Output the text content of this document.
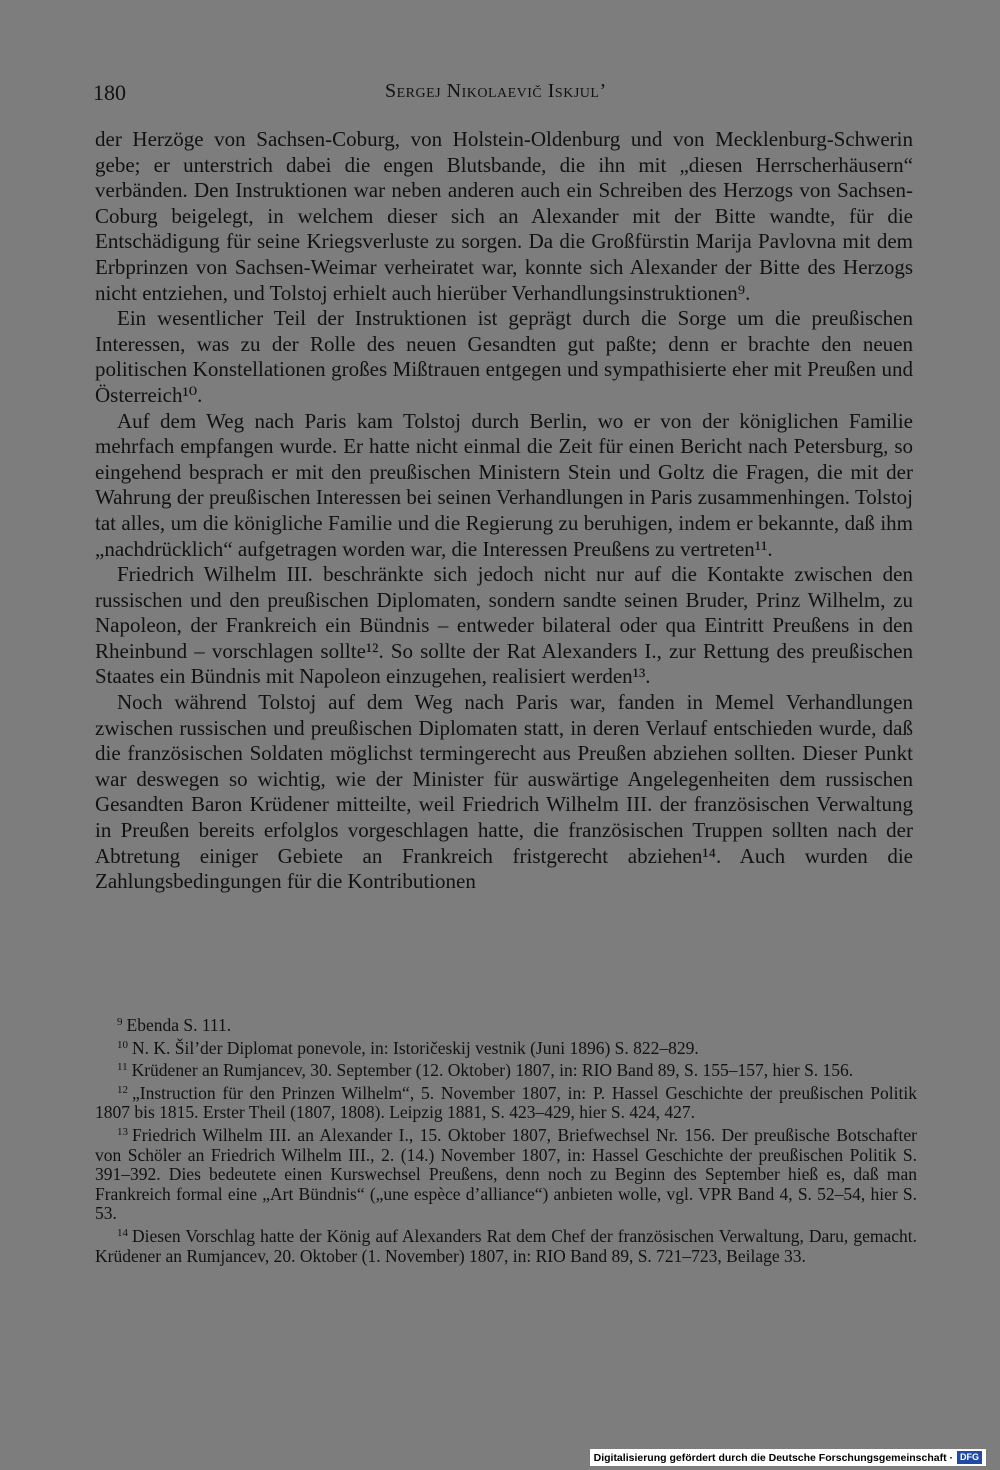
180	Sergej Nikolaevič Iskjul’

der Herzöge von Sachsen-Coburg, von Holstein-Oldenburg und von Mecklenburg-Schwerin gebe; er unterstrich dabei die engen Blutsbande, die ihn mit „diesen Herrscherhäusern“ verbänden. Den Instruktionen war neben anderen auch ein Schreiben des Herzogs von Sachsen-Coburg beigelegt, in welchem dieser sich an Alexander mit der Bitte wandte, für die Entschädigung für seine Kriegsverluste zu sorgen. Da die Großfürstin Marija Pavlovna mit dem Erbprinzen von Sachsen-Weimar verheiratet war, konnte sich Alexander der Bitte des Herzogs nicht entziehen, und Tolstoj erhielt auch hierüber Verhandlungsinstruktionen⁹.

Ein wesentlicher Teil der Instruktionen ist geprägt durch die Sorge um die preußischen Interessen, was zu der Rolle des neuen Gesandten gut paßte; denn er brachte den neuen politischen Konstellationen großes Mißtrauen entgegen und sympathisierte eher mit Preußen und Österreich¹⁰.

Auf dem Weg nach Paris kam Tolstoj durch Berlin, wo er von der königlichen Familie mehrfach empfangen wurde. Er hatte nicht einmal die Zeit für einen Bericht nach Petersburg, so eingehend besprach er mit den preußischen Ministern Stein und Goltz die Fragen, die mit der Wahrung der preußischen Interessen bei seinen Verhandlungen in Paris zusammenhingen. Tolstoj tat alles, um die königliche Familie und die Regierung zu beruhigen, indem er bekannte, daß ihm „nachdrücklich“ aufgetragen worden war, die Interessen Preußens zu vertreten¹¹.

Friedrich Wilhelm III. beschränkte sich jedoch nicht nur auf die Kontakte zwischen den russischen und den preußischen Diplomaten, sondern sandte seinen Bruder, Prinz Wilhelm, zu Napoleon, der Frankreich ein Bündnis – entweder bilateral oder qua Eintritt Preußens in den Rheinbund – vorschlagen sollte¹². So sollte der Rat Alexanders I., zur Rettung des preußischen Staates ein Bündnis mit Napoleon einzugehen, realisiert werden¹³.

Noch während Tolstoj auf dem Weg nach Paris war, fanden in Memel Verhandlungen zwischen russischen und preußischen Diplomaten statt, in deren Verlauf entschieden wurde, daß die französischen Soldaten möglichst termingerecht aus Preußen abziehen sollten. Dieser Punkt war deswegen so wichtig, wie der Minister für auswärtige Angelegenheiten dem russischen Gesandten Baron Krüdener mitteilte, weil Friedrich Wilhelm III. der französischen Verwaltung in Preußen bereits erfolglos vorgeschlagen hatte, die französischen Truppen sollten nach der Abtretung einiger Gebiete an Frankreich fristgerecht abziehen¹⁴. Auch wurden die Zahlungsbedingungen für die Kontributionen

$^9$ Ebenda S. 111.

$^{10}$ N. K. Šil’der Diplomat ponevole, in: Istoričeskij vestnik (Juni 1896) S. 822–829.

$^{11}$ Krüdener an Rumjancev, 30. September (12. Oktober) 1807, in: RIO Band 89, S. 155–157, hier S. 156.

$^{12}$ „Instruction für den Prinzen Wilhelm“, 5. November 1807, in: P. Hassel Geschichte der preußischen Politik 1807 bis 1815. Erster Theil (1807, 1808). Leipzig 1881, S. 423–429, hier S. 424, 427.

$^{13}$ Friedrich Wilhelm III. an Alexander I., 15. Oktober 1807, Briefwechsel Nr. 156. Der preußische Botschafter von Schöler an Friedrich Wilhelm III., 2. (14.) November 1807, in: Hassel Geschichte der preußischen Politik S. 391–392. Dies bedeutete einen Kurswechsel Preußens, denn noch zu Beginn des September hieß es, daß man Frankreich formal eine „Art Bündnis“ („une espèce d’alliance“) anbieten wolle, vgl. VPR Band 4, S. 52–54, hier S. 53.

$^{14}$ Diesen Vorschlag hatte der König auf Alexanders Rat dem Chef der französischen Verwaltung, Daru, gemacht. Krüdener an Rumjancev, 20. Oktober (1. November) 1807, in: RIO Band 89, S. 721–723, Beilage 33.

Digitalisierung gefördert durch die Deutsche Forschungsgemeinschaft · DFG
